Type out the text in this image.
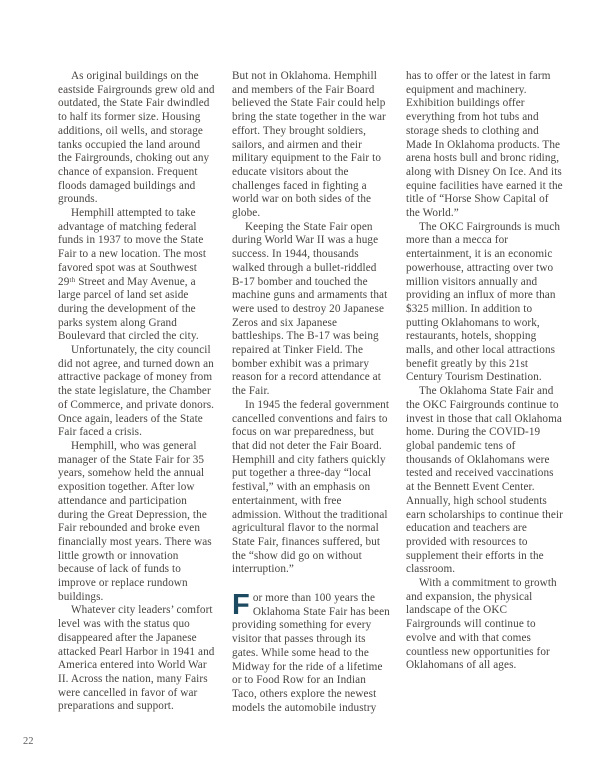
As original buildings on the eastside Fairgrounds grew old and outdated, the State Fair dwindled to half its former size. Housing additions, oil wells, and storage tanks occupied the land around the Fairgrounds, choking out any chance of expansion. Frequent floods damaged buildings and grounds.

Hemphill attempted to take advantage of matching federal funds in 1937 to move the State Fair to a new location. The most favored spot was at Southwest 29ᵗʰ Street and May Avenue, a large parcel of land set aside during the development of the parks system along Grand Boulevard that circled the city.

Unfortunately, the city council did not agree, and turned down an attractive package of money from the state legislature, the Chamber of Commerce, and private donors. Once again, leaders of the State Fair faced a crisis.

Hemphill, who was general manager of the State Fair for 35 years, somehow held the annual exposition together. After low attendance and participation during the Great Depression, the Fair rebounded and broke even financially most years. There was little growth or innovation because of lack of funds to improve or replace rundown buildings.

Whatever city leaders’ comfort level was with the status quo disappeared after the Japanese attacked Pearl Harbor in 1941 and America entered into World War II. Across the nation, many Fairs were cancelled in favor of war preparations and support.

But not in Oklahoma. Hemphill and members of the Fair Board believed the State Fair could help bring the state together in the war effort. They brought soldiers, sailors, and airmen and their military equipment to the Fair to educate visitors about the challenges faced in fighting a world war on both sides of the globe.

Keeping the State Fair open during World War II was a huge success. In 1944, thousands walked through a bullet-riddled B-17 bomber and touched the machine guns and armaments that were used to destroy 20 Japanese Zeros and six Japanese battleships. The B-17 was being repaired at Tinker Field. The bomber exhibit was a primary reason for a record attendance at the Fair.

In 1945 the federal government cancelled conventions and fairs to focus on war preparedness, but that did not deter the Fair Board. Hemphill and city fathers quickly put together a three-day “local festival,” with an emphasis on entertainment, with free admission. Without the traditional agricultural flavor to the normal State Fair, finances suffered, but the “show did go on without interruption.”

For more than 100 years the Oklahoma State Fair has been providing something for every visitor that passes through its gates. While some head to the Midway for the ride of a lifetime or to Food Row for an Indian Taco, others explore the newest models the automobile industry

has to offer or the latest in farm equipment and machinery. Exhibition buildings offer everything from hot tubs and storage sheds to clothing and Made In Oklahoma products. The arena hosts bull and bronc riding, along with Disney On Ice. And its equine facilities have earned it the title of “Horse Show Capital of the World.”

The OKC Fairgrounds is much more than a mecca for entertainment, it is an economic powerhouse, attracting over two million visitors annually and providing an influx of more than $325 million. In addition to putting Oklahomans to work, restaurants, hotels, shopping malls, and other local attractions benefit greatly by this 21st Century Tourism Destination.

The Oklahoma State Fair and the OKC Fairgrounds continue to invest in those that call Oklahoma home. During the COVID-19 global pandemic tens of thousands of Oklahomans were tested and received vaccinations at the Bennett Event Center. Annually, high school students earn scholarships to continue their education and teachers are provided with resources to supplement their efforts in the classroom.

With a commitment to growth and expansion, the physical landscape of the OKC Fairgrounds will continue to evolve and with that comes countless new opportunities for Oklahomans of all ages.

22
